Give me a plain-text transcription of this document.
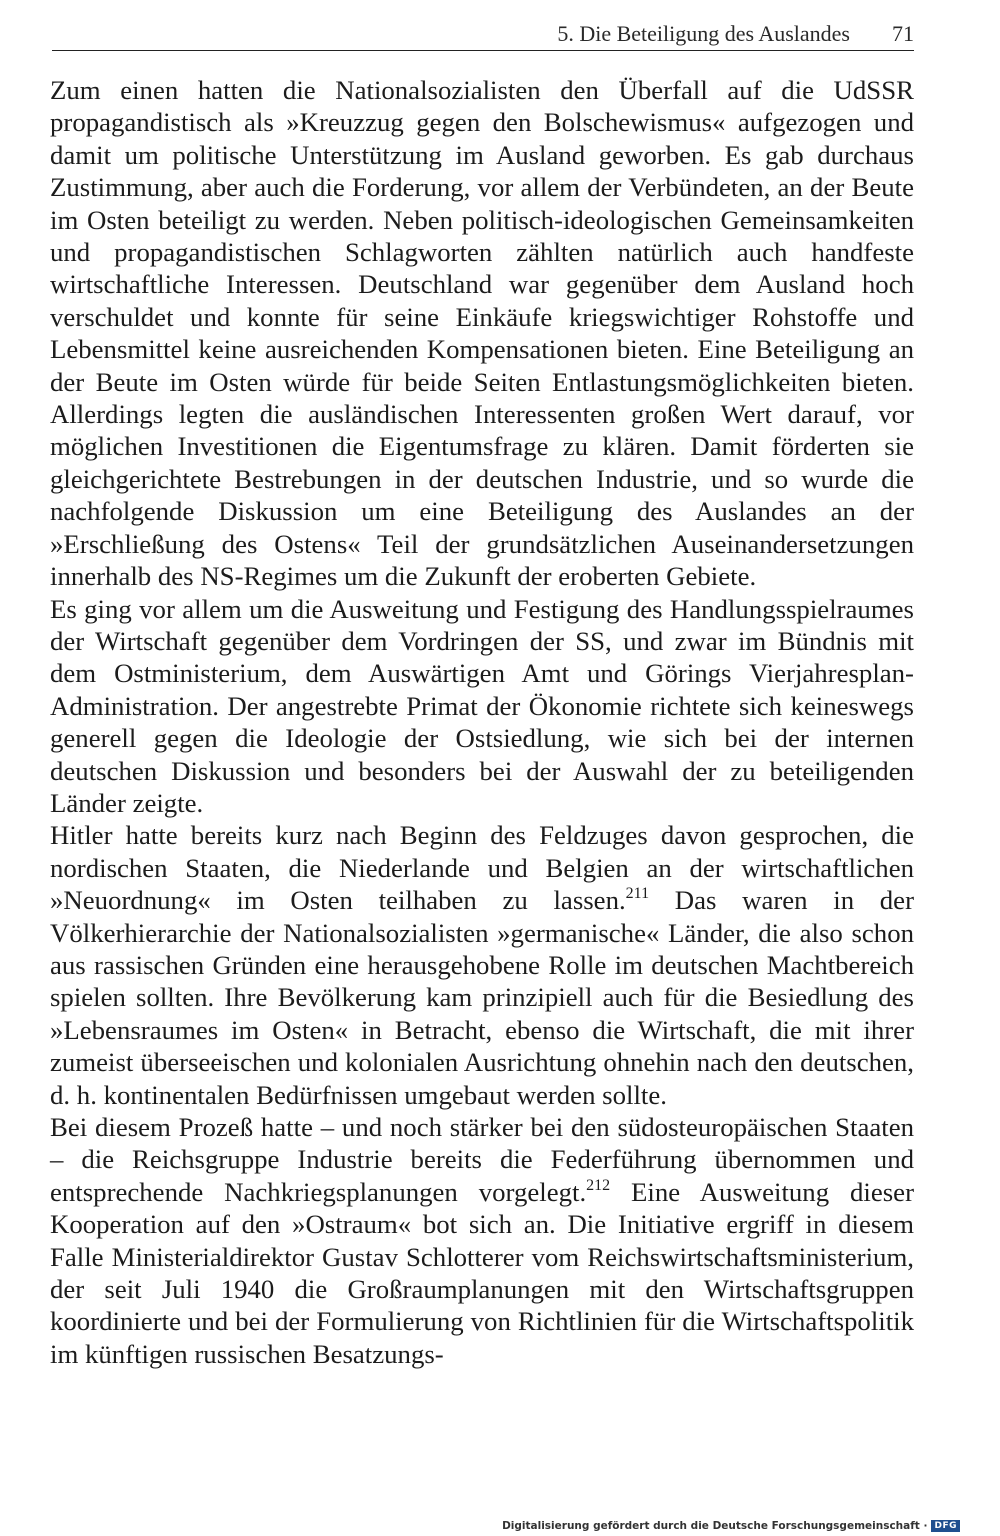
5. Die Beteiligung des Auslandes 71

Zum einen hatten die Nationalsozialisten den Überfall auf die UdSSR propagandistisch als »Kreuzzug gegen den Bolschewismus« aufgezogen und damit um politische Unterstützung im Ausland geworben. Es gab durchaus Zustimmung, aber auch die Forderung, vor allem der Verbündeten, an der Beute im Osten beteiligt zu werden. Neben politisch-ideologischen Gemeinsamkeiten und propagandistischen Schlagworten zählten natürlich auch handfeste wirtschaftliche Interessen. Deutschland war gegenüber dem Ausland hoch verschuldet und konnte für seine Einkäufe kriegswichtiger Rohstoffe und Lebensmittel keine ausreichenden Kompensationen bieten. Eine Beteiligung an der Beute im Osten würde für beide Seiten Entlastungsmöglichkeiten bieten. Allerdings legten die ausländischen Interessenten großen Wert darauf, vor möglichen Investitionen die Eigentumsfrage zu klären. Damit förderten sie gleichgerichtete Bestrebungen in der deutschen Industrie, und so wurde die nachfolgende Diskussion um eine Beteiligung des Auslandes an der »Erschließung des Ostens« Teil der grundsätzlichen Auseinandersetzungen innerhalb des NS-Regimes um die Zukunft der eroberten Gebiete.

Es ging vor allem um die Ausweitung und Festigung des Handlungsspielraumes der Wirtschaft gegenüber dem Vordringen der SS, und zwar im Bündnis mit dem Ostministerium, dem Auswärtigen Amt und Görings Vierjahresplan-Administration. Der angestrebte Primat der Ökonomie richtete sich keineswegs generell gegen die Ideologie der Ostsiedlung, wie sich bei der internen deutschen Diskussion und besonders bei der Auswahl der zu beteiligenden Länder zeigte.

Hitler hatte bereits kurz nach Beginn des Feldzuges davon gesprochen, die nordischen Staaten, die Niederlande und Belgien an der wirtschaftlichen »Neuordnung« im Osten teilhaben zu lassen.$^{211}$ Das waren in der Völkerhierarchie der Nationalsozialisten »germanische« Länder, die also schon aus rassischen Gründen eine herausgehobene Rolle im deutschen Machtbereich spielen sollten. Ihre Bevölkerung kam prinzipiell auch für die Besiedlung des »Lebensraumes im Osten« in Betracht, ebenso die Wirtschaft, die mit ihrer zumeist überseeischen und kolonialen Ausrichtung ohnehin nach den deutschen, d. h. kontinentalen Bedürfnissen umgebaut werden sollte.

Bei diesem Prozeß hatte – und noch stärker bei den südosteuropäischen Staaten – die Reichsgruppe Industrie bereits die Federführung übernommen und entsprechende Nachkriegsplanungen vorgelegt.$^{212}$ Eine Ausweitung dieser Kooperation auf den »Ostraum« bot sich an. Die Initiative ergriff in diesem Falle Ministerialdirektor Gustav Schlotterer vom Reichswirtschaftsministerium, der seit Juli 1940 die Großraumplanungen mit den Wirtschaftsgruppen koordinierte und bei der Formulierung von Richtlinien für die Wirtschaftspolitik im künftigen russischen Besatzungs-

Digitalisierung gefördert durch die Deutsche Forschungsgemeinschaft · DFG
